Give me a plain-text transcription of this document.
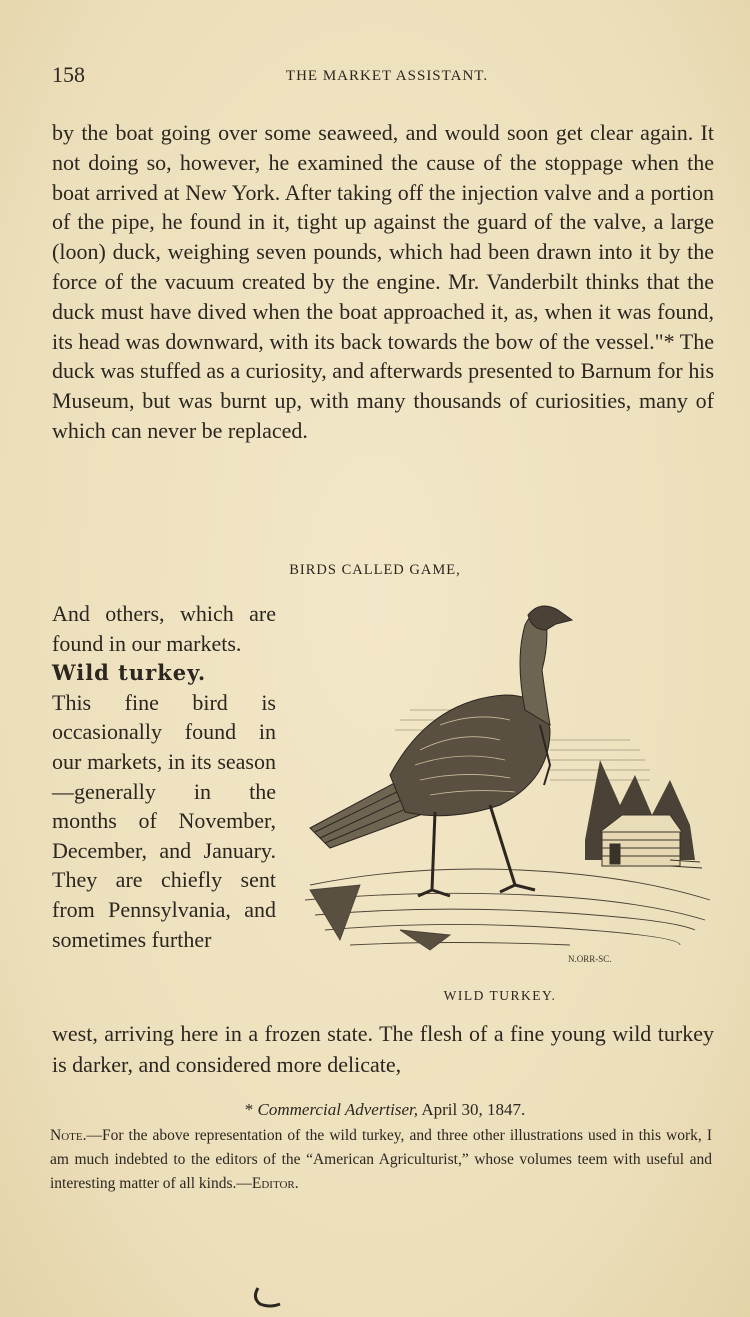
158	THE MARKET ASSISTANT.

by the boat going over some seaweed, and would soon get clear again. It not doing so, however, he examined the cause of the stoppage when the boat arrived at New York. After taking off the injection valve and a portion of the pipe, he found in it, tight up against the guard of the valve, a large (loon) duck, weighing seven pounds, which had been drawn into it by the force of the vacuum created by the engine. Mr. Vanderbilt thinks that the duck must have dived when the boat approached it, as, when it was found, its head was downward, with its back towards the bow of the vessel."* The duck was stuffed as a curiosity, and afterwards presented to Barnum for his Museum, but was burnt up, with many thousands of curiosities, many of which can never be replaced.

BIRDS CALLED GAME,

And others, which are found in our markets.

Wild turkey.
This fine bird is occasionally found in our markets, in its season—generally in the months of November, December, and January. They are chiefly sent from Pennsylvania, and sometimes further

N.ORR-SC.
WILD TURKEY.
west, arriving here in a frozen state. The flesh of a fine young wild turkey is darker, and considered more delicate,
* Commercial Advertiser, April 30, 1847.
Note.—For the above representation of the wild turkey, and three other illustrations used in this work, I am much indebted to the editors of the “American Agriculturist,” whose volumes teem with useful and interesting matter of all kinds.—Editor.
